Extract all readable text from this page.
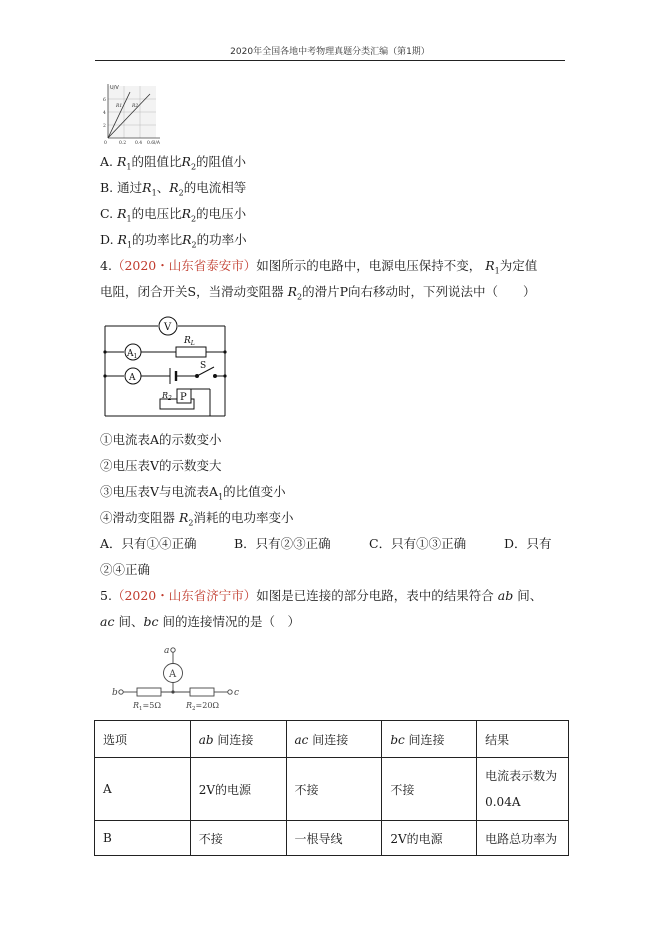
2020年全国各地中考物理真题分类汇编（第1期）
U/V
I/A
6
4
2
0	0.2 0.4 0.6
R1 R2
A. $R_1$的阻值比$R_2$的阻值小
B. 通过$R_1$、$R_2$的电流相等
C. $R_1$的电压比$R_2$的电压小
D. $R_1$的功率比$R_2$的功率小
4.（2020・山东省泰安市）如图所示的电路中，电源电压保持不变， $R_1$为定值
电阻，闭合开关S，当滑动变阻器 $R_2$的滑片P向右移动时，下列说法中（　　）
V
$A_1$
A
$R_L$
S
$R_2$ P
①电流表A的示数变小
②电压表V的示数变大
③电压表V与电流表$A_1$的比值变小
④滑动变阻器 $R_2$消耗的电功率变小
A．只有①④正确	B．只有②③正确	C．只有①③正确	D．只有
②④正确
5.（2020・山东省济宁市）如图是已连接的部分电路，表中的结果符合 ab 间、
ac 间、bc 间的连接情况的是（　）
a
A
b	c
$R_1=5\Omega$	$R_2=20\Omega$
选项	ab 间连接	ac 间连接	bc 间连接	结果
A	2V的电源	不接	不接	电流表示数为
0.04A

B	不接	一根导线	2V的电源	电路总功率为
